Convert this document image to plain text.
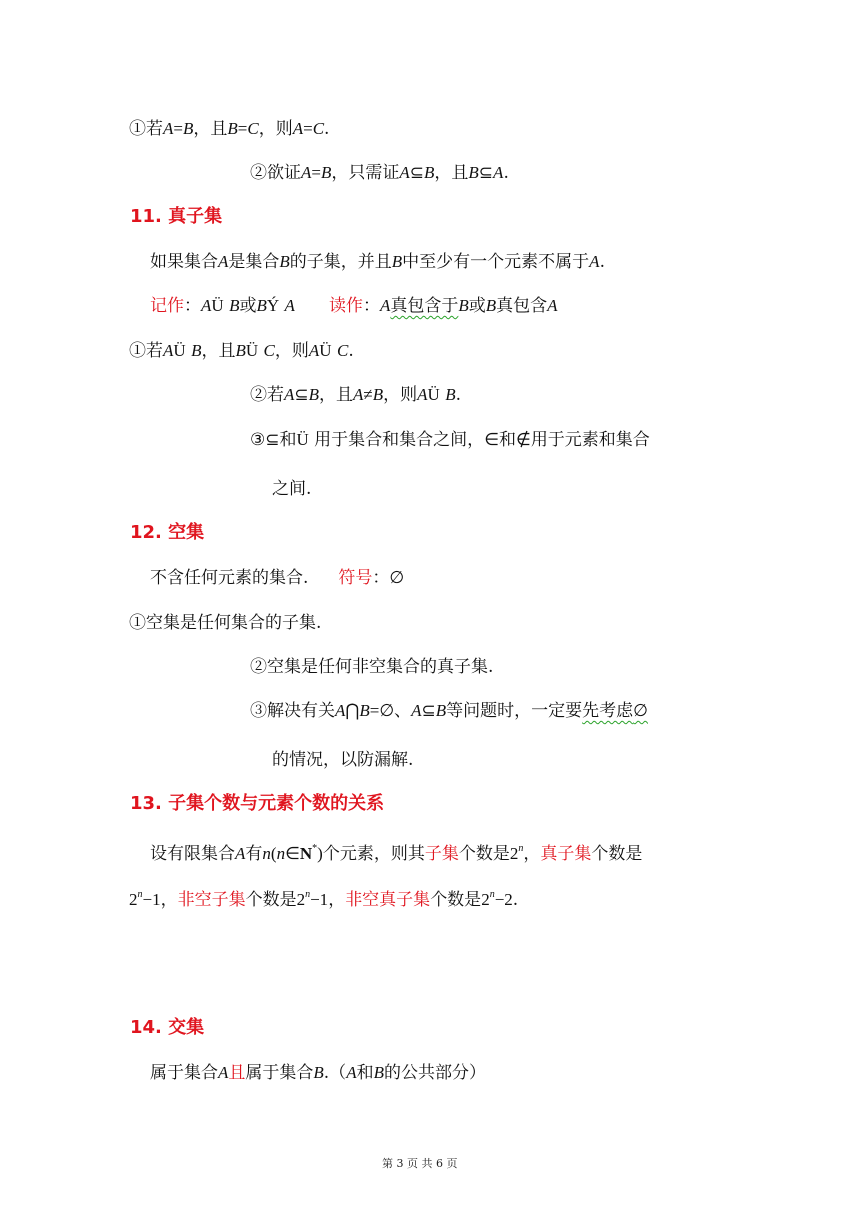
①若A=B，且B=C，则A=C.
②欲证A=B，只需证A⊆B，且B⊆A.
11. 真子集
如果集合A是集合B的子集，并且B中至少有一个元素不属于A.
记作：AÜ B或BÝ A 读作：A真包含于B或B真包含A
①若AÜ B，且BÜ C，则AÜ C.
②若A⊆B，且A≠B，则AÜ B.
③⊆和Ü 用于集合和集合之间，∈和∉用于元素和集合
之间.
12. 空集
不含任何元素的集合. 符号：∅
①空集是任何集合的子集.
②空集是任何非空集合的真子集.
③解决有关A⋂B=∅、A⊆B等问题时，一定要先考虑∅
的情况，以防漏解.
13. 子集个数与元素个数的关系
设有限集合A有n(n∈N*)个元素，则其子集个数是2$^n$，真子集个数是
$2^n-1$，非空子集个数是$2^n-1$，非空真子集个数是$2^n-2$.
14. 交集
属于集合A且属于集合B.（A和B的公共部分）
第 3 页 共 6 页
